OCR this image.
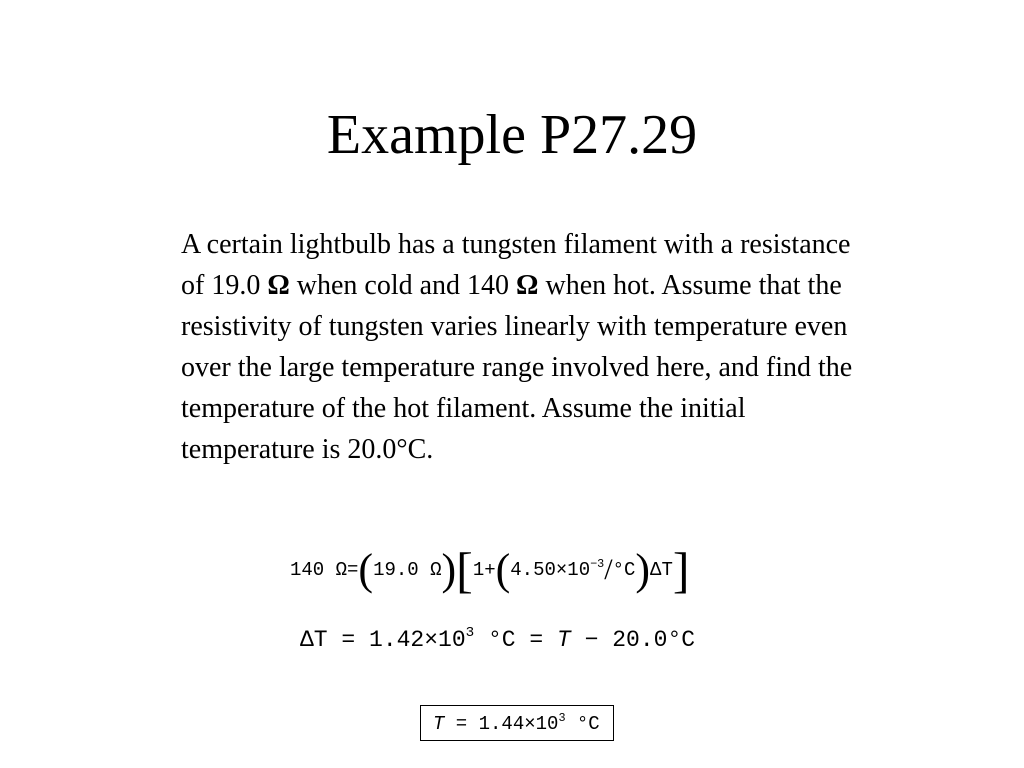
Example P27.29
A certain lightbulb has a tungsten filament with a resistance of 19.0 Ω when cold and 140 Ω when hot. Assume that the resistivity of tungsten varies linearly with temperature even over the large temperature range involved here, and find the temperature of the hot filament. Assume the initial temperature is 20.0°C.
140 Ω = ( 19.0 Ω ) [ 1+ ( $4.50\times 10^{-3} / ^\circ C$ ) ΔT ]
$\Delta T = 1.42\times 10^3$ °C = T − 20.0°C
$T = 1.44\times 10^3$ °C
